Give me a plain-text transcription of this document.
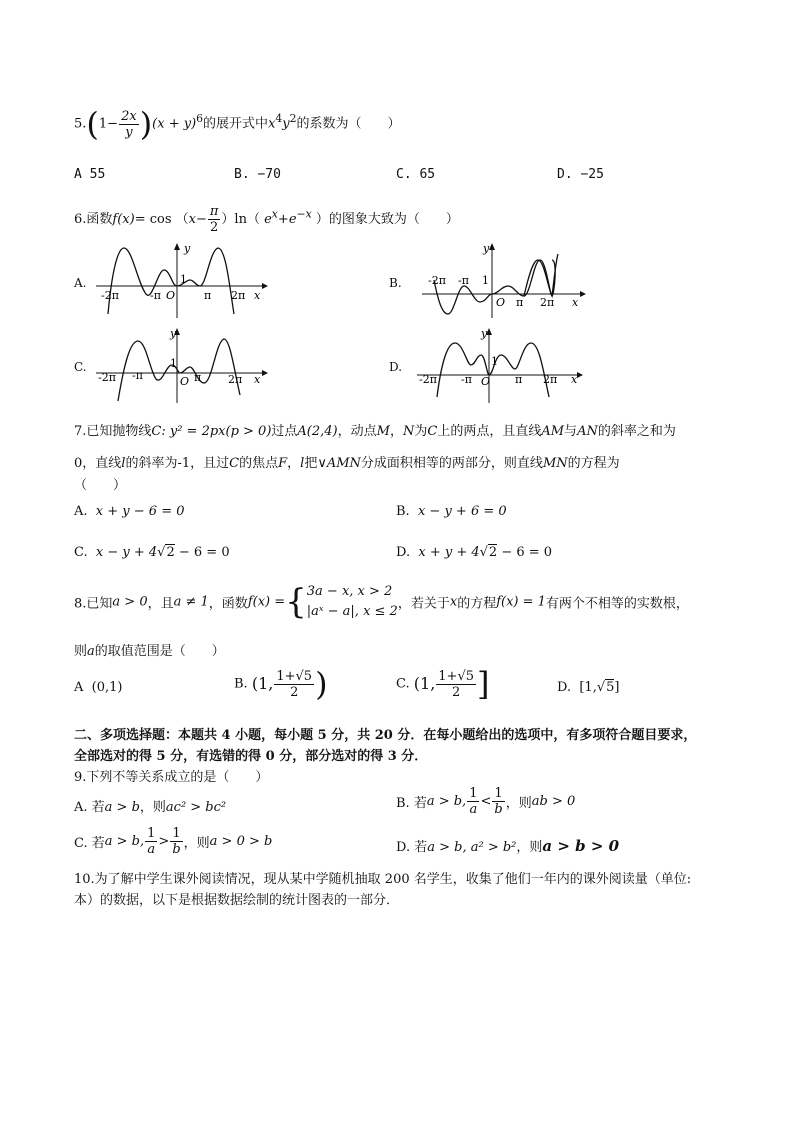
$5.(1- \frac{2x}{y} )(x + y)^6$的展开式中$x^4y^2$的系数为（　　）
A 55	B. −70	C. 65	D. −25
6.函数$f(x)= \cos (x- \frac{\pi}{2} )\ln$（ $e^x+e^{-x}$ ）的图象大致为（　　）
A.
y
1
-2π	-π O	π 2π x
B.
y
1
-2π -π
O π 2π x
C.
y
1
-2π -π	O π 2π x
D.
y
1
-2π -π O π 2π x
7.已知抛物线C: y² = 2px(p > 0)过点A(2,4)，动点M，N为C上的两点，且直线AM与AN的斜率之和为
0，直线l的斜率为-1，且过C的焦点F，l把∨AMN分成面积相等的两部分，则直线MN的方程为
（　　）
A. x + y − 6 = 0	B. x − y + 6 = 0
C. x − y + 4√2 − 6 = 0	D. x + y + 4√2 − 6 = 0
8.已知a > 0，且a ≠ 1，函数f(x) ={ 3a − x, x > 2
|aˣ − a|, x ≤ 2 ，若关于x的方程f(x) = 1有两个不相等的实数根，
则a的取值范围是（　　）
A (0,1)	B. (1, $\frac{1+√5}{2}$ )	C. (1, $\frac{1+√5}{2}$ ]	D. [1,√5]
二、多项选择题：本题共 4 小题，每小题 5 分，共 20 分．在每小题给出的选项中，有多项符合题目要求，
全部选对的得 5 分，有选错的得 0 分，部分选对的得 3 分．
9.下列不等关系成立的是（　　）
A. 若a > b，则ac² > bc²	B. 若a > b, $\frac{1}{a} < \frac{1}{b}$ ，则ab > 0
C. 若a > b, $\frac{1}{a} > \frac{1}{b}$ ，则a > 0 > b	D. 若a > b, a² > b²，则a > b > 0
10.为了解中学生课外阅读情况，现从某中学随机抽取 200 名学生，收集了他们一年内的课外阅读量（单位:
本）的数据，以下是根据数据绘制的统计图表的一部分．
